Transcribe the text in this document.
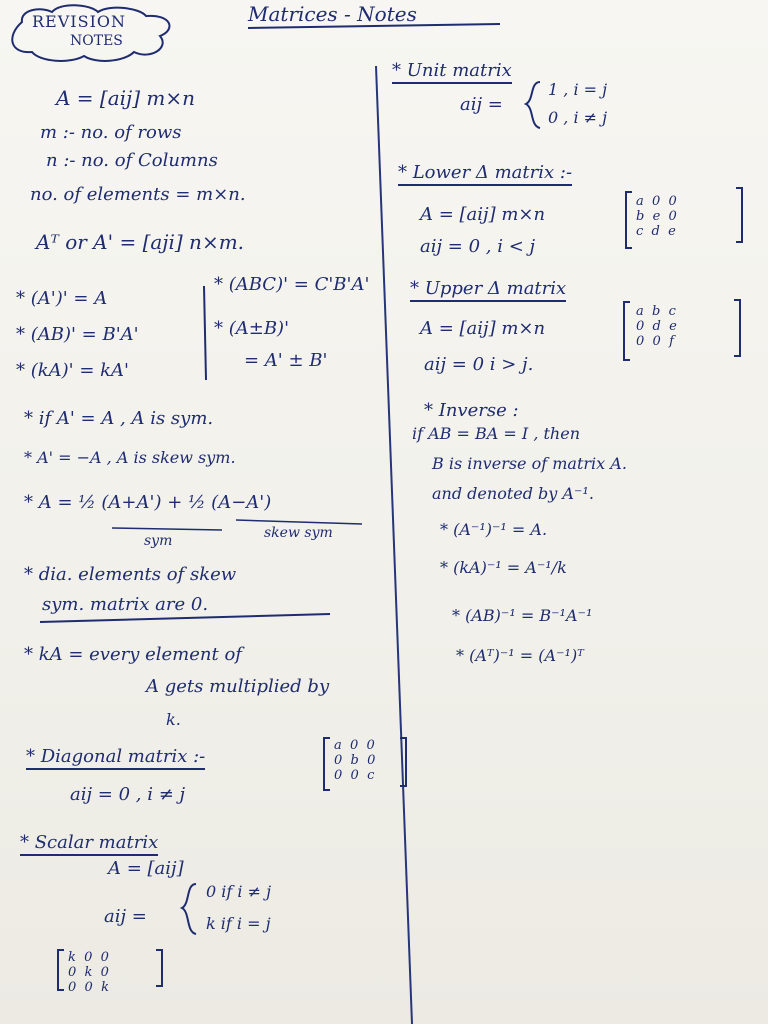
REVISION
NOTES
Matrices - Notes
A = [aij] m×n
m :- no. of rows
n :- no. of Columns
no. of elements = m×n.
Aᵀ or A' = [aji] n×m.
* (A')' = A
* (AB)' = B'A'
* (kA)' = kA'
* (ABC)' = C'B'A'
* (A±B)'
= A' ± B'
* if A' = A , A is sym.
* A' = −A , A is skew sym.
* A = ½ (A+A') + ½ (A−A')
sym	skew sym
* dia. elements of skew
sym. matrix are 0.
* kA = every element of
A gets multiplied by
k.
* Diagonal matrix :-
aij = 0 , i ≠ j
a  0  0
0  b  0
0  0  c
* Scalar matrix
A = [aij]
aij =
0 if i ≠ j
k if i = j
k  0  0
0  k  0
0  0  k
* Unit matrix
aij =
1 , i = j
0 , i ≠ j
* Lower Δ matrix :-
A = [aij] m×n
aij = 0 , i < j
a  0  0
b  e  0
c  d  e
* Upper Δ matrix
A = [aij] m×n
aij = 0 i > j.
a  b  c
0  d  e
0  0  f
* Inverse :
if AB = BA = I , then
B is inverse of matrix A.
and denoted by A⁻¹.
* (A⁻¹)⁻¹ = A.
* (kA)⁻¹ = A⁻¹/k
* (AB)⁻¹ = B⁻¹A⁻¹
* (Aᵀ)⁻¹ = (A⁻¹)ᵀ
